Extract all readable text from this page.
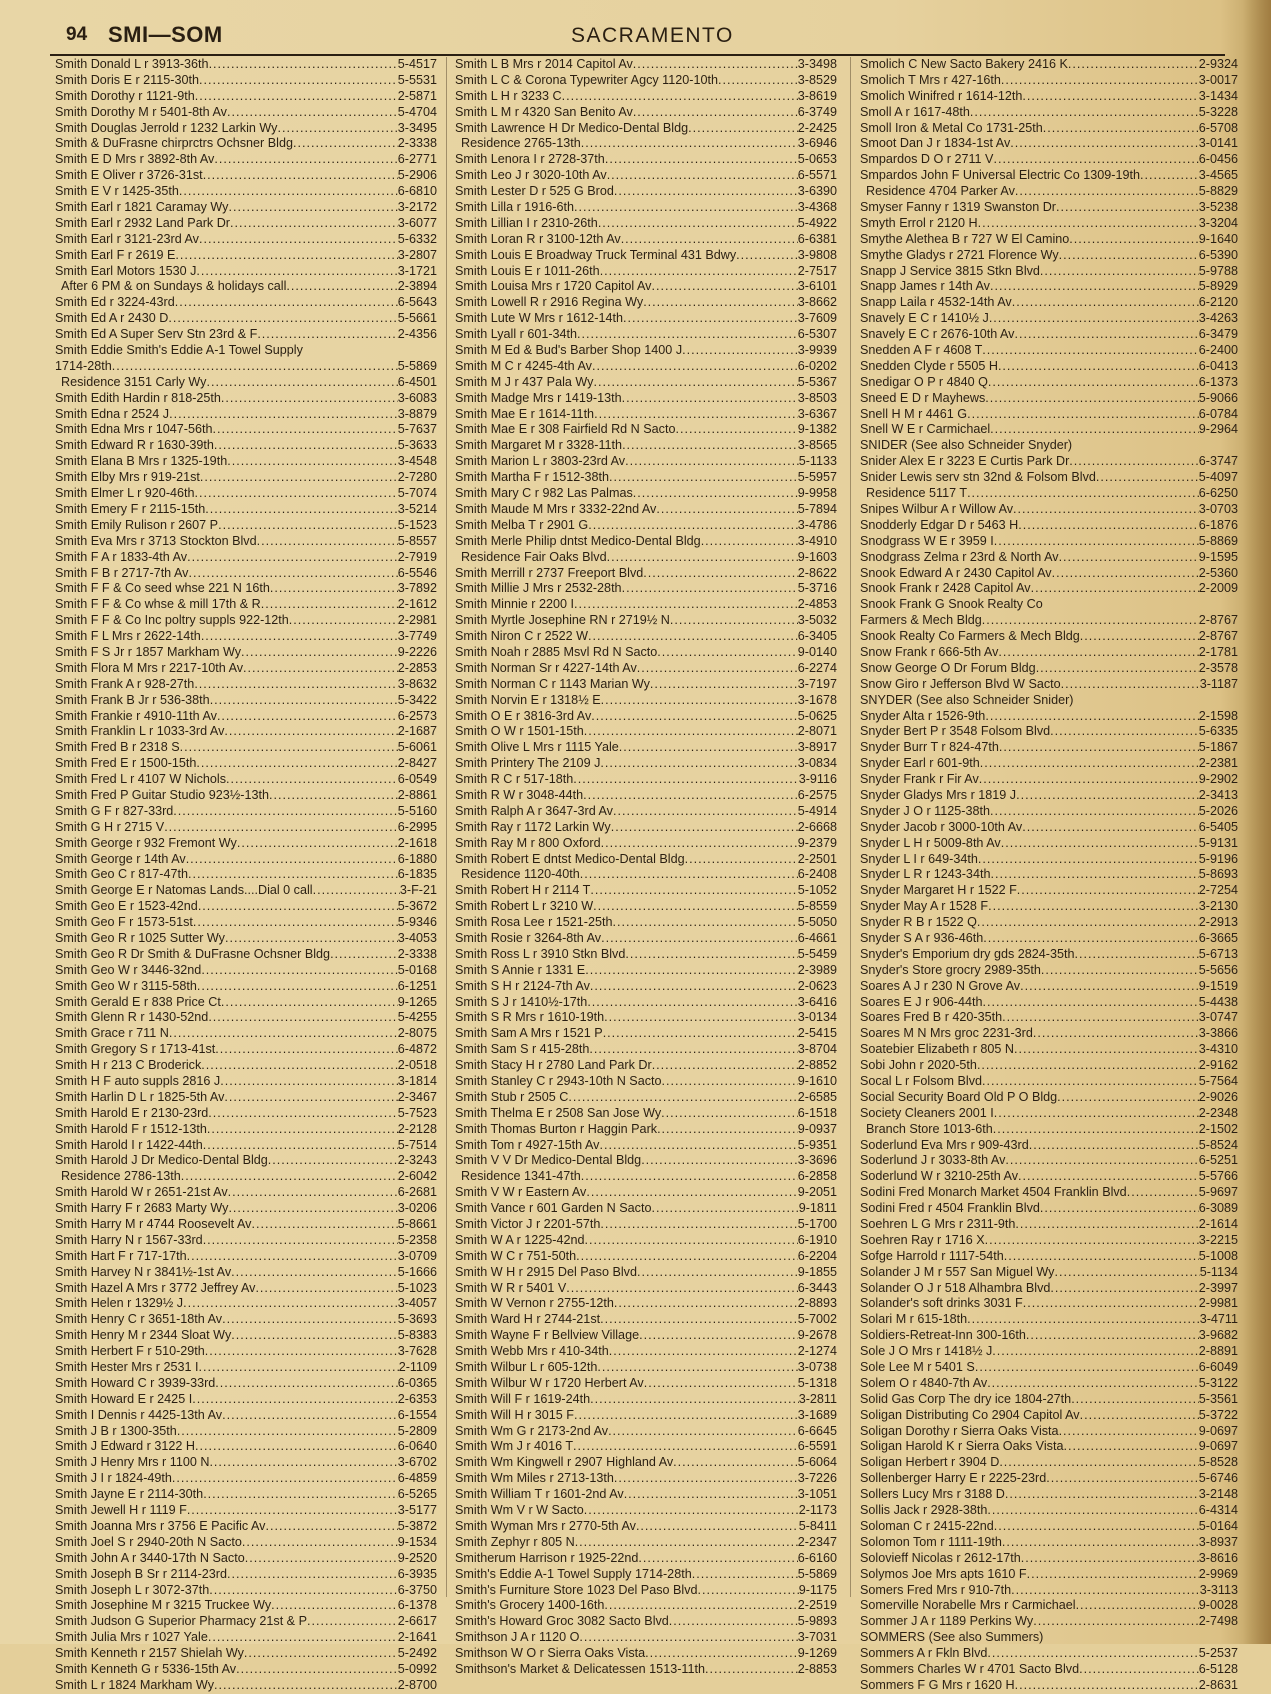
94 SMI—SOM	SACRAMENTO
Smith Donald L r 3913-36th .....	5-4517
Smith Doris E r 2115-30th .....	5-5531
Smith Dorothy r 1121-9th .....	2-5871
Smith Dorothy M r 5401-8th Av .....	5-4704
Smith Douglas Jerrold r 1232 Larkin Wy .....	3-3495
Smith & DuFrasne chirprctrs Ochsner Bldg .....	2-3338
Smith E D Mrs r 3892-8th Av .....	6-2771
Smith E Oliver r 3726-31st .....	5-2906
Smith E V r 1425-35th .....	6-6810
Smith Earl r 1821 Caramay Wy .....	3-2172
Smith Earl r 2932 Land Park Dr .....	3-6077
Smith Earl r 3121-23rd Av .....	5-6332
Smith Earl F r 2619 E .....	3-2807
Smith Earl Motors 1530 J .....	3-1721
After 6 PM & on Sundays & holidays call .....	2-3894
Smith Ed r 3224-43rd .....	6-5643
Smith Ed A r 2430 D .....	5-5661
Smith Ed A Super Serv Stn 23rd & F .....	2-4356
Smith Eddie Smith's Eddie A-1 Towel Supply
1714-28th .....	5-5869
Residence 3151 Carly Wy .....	6-4501
Smith Edith Hardin r 818-25th .....	3-6083
Smith Edna r 2524 J .....	3-8879
Smith Edna Mrs r 1047-56th .....	5-7637
Smith Edward R r 1630-39th .....	5-3633
Smith Elana B Mrs r 1325-19th .....	3-4548
Smith Elby Mrs r 919-21st .....	2-7280
Smith Elmer L r 920-46th .....	5-7074
Smith Emery F r 2115-15th .....	3-5214
Smith Emily Rulison r 2607 P .....	5-1523
Smith Eva Mrs r 3713 Stockton Blvd .....	5-8557
Smith F A r 1833-4th Av .....	2-7919
Smith F B r 2717-7th Av .....	6-5546
Smith F F & Co seed whse 221 N 16th .....	3-7892
Smith F F & Co whse & mill 17th & R .....	2-1612
Smith F F & Co Inc poltry suppls 922-12th .....	2-2981
Smith F L Mrs r 2622-14th .....	3-7749
Smith F S Jr r 1857 Markham Wy .....	9-2226
Smith Flora M Mrs r 2217-10th Av .....	2-2853
Smith Frank A r 928-27th .....	3-8632
Smith Frank B Jr r 536-38th .....	5-3422
Smith Frankie r 4910-11th Av .....	6-2573
Smith Franklin L r 1033-3rd Av .....	2-1687
Smith Fred B r 2318 S .....	5-6061
Smith Fred E r 1500-15th .....	2-8427
Smith Fred L r 4107 W Nichols .....	6-0549
Smith Fred P Guitar Studio 923½-13th .....	2-8861
Smith G F r 827-33rd .....	5-5160
Smith G H r 2715 V .....	6-2995
Smith George r 932 Fremont Wy .....	2-1618
Smith George r 14th Av .....	6-1880
Smith Geo C r 817-47th .....	6-1835
Smith George E r Natomas Lands....Dial 0 call .....	3-F-21
Smith Geo E r 1523-42nd .....	5-3672
Smith Geo F r 1573-51st .....	5-9346
Smith Geo R r 1025 Sutter Wy .....	3-4053
Smith Geo R Dr Smith & DuFrasne Ochsner Bldg .....	2-3338
Smith Geo W r 3446-32nd .....	5-0168
Smith Geo W r 3115-58th .....	6-1251
Smith Gerald E r 838 Price Ct .....	9-1265
Smith Glenn R r 1430-52nd .....	5-4255
Smith Grace r 711 N .....	2-8075
Smith Gregory S r 1713-41st .....	6-4872
Smith H r 213 C Broderick .....	2-0518
Smith H F auto suppls 2816 J .....	3-1814
Smith Harlin D L r 1825-5th Av .....	2-3467
Smith Harold E r 2130-23rd .....	5-7523
Smith Harold F r 1512-13th .....	2-2128
Smith Harold I r 1422-44th .....	5-7514
Smith Harold J Dr Medico-Dental Bldg .....	2-3243
Residence 2786-13th .....	2-6042
Smith Harold W r 2651-21st Av .....	6-2681
Smith Harry F r 2683 Marty Wy .....	3-0206
Smith Harry M r 4744 Roosevelt Av .....	5-8661
Smith Harry N r 1567-33rd .....	5-2358
Smith Hart F r 717-17th .....	3-0709
Smith Harvey N r 3841½-1st Av .....	5-1666
Smith Hazel A Mrs r 3772 Jeffrey Av .....	5-1023
Smith Helen r 1329½ J .....	3-4057
Smith Henry C r 3651-18th Av .....	5-3693
Smith Henry M r 2344 Sloat Wy .....	5-8383
Smith Herbert F r 510-29th .....	3-7628
Smith Hester Mrs r 2531 I .....	2-1109
Smith Howard C r 3939-33rd .....	6-0365
Smith Howard E r 2425 I .....	2-6353
Smith I Dennis r 4425-13th Av .....	6-1554
Smith J B r 1300-35th .....	5-2809
Smith J Edward r 3122 H .....	6-0640
Smith J Henry Mrs r 1100 N .....	3-6702
Smith J I r 1824-49th .....	6-4859
Smith Jayne E r 2114-30th .....	6-5265
Smith Jewell H r 1119 F .....	3-5177
Smith Joanna Mrs r 3756 E Pacific Av .....	5-3872
Smith Joel S r 2940-20th N Sacto .....	9-1534
Smith John A r 3440-17th N Sacto .....	9-2520
Smith Joseph B Sr r 2114-23rd .....	6-3935
Smith Joseph L r 3072-37th .....	6-3750
Smith Josephine M r 3215 Truckee Wy .....	6-1378
Smith Judson G Superior Pharmacy 21st & P .....	2-6617
Smith Julia Mrs r 1027 Yale .....	2-1641
Smith Kenneth r 2157 Shielah Wy .....	5-2492
Smith Kenneth G r 5336-15th Av .....	5-0992
Smith L r 1824 Markham Wy .....	2-8700
Smith L B Mrs r 2014 Capitol Av .....	3-3498
Smith L C & Corona Typewriter Agcy 1120-10th .....	3-8529
Smith L H r 3233 C .....	3-8619
Smith L M r 4320 San Benito Av .....	6-3749
Smith Lawrence H Dr Medico-Dental Bldg .....	2-2425
Residence 2765-13th .....	3-6946
Smith Lenora I r 2728-37th .....	5-0653
Smith Leo J r 3020-10th Av .....	6-5571
Smith Lester D r 525 G Brod .....	3-6390
Smith Lilla r 1916-6th .....	3-4368
Smith Lillian I r 2310-26th .....	5-4922
Smith Loran R r 3100-12th Av .....	6-6381
Smith Louis E Broadway Truck Terminal 431 Bdwy .....	3-9808
Smith Louis E r 1011-26th .....	2-7517
Smith Louisa Mrs r 1720 Capitol Av .....	3-6101
Smith Lowell R r 2916 Regina Wy .....	3-8662
Smith Lute W Mrs r 1612-14th .....	3-7609
Smith Lyall r 601-34th .....	6-5307
Smith M Ed & Bud's Barber Shop 1400 J .....	3-9939
Smith M C r 4245-4th Av .....	6-0202
Smith M J r 437 Pala Wy .....	5-5367
Smith Madge Mrs r 1419-13th .....	3-8503
Smith Mae E r 1614-11th .....	3-6367
Smith Mae E r 308 Fairfield Rd N Sacto .....	9-1382
Smith Margaret M r 3328-11th .....	3-8565
Smith Marion L r 3803-23rd Av .....	5-1133
Smith Martha F r 1512-38th .....	5-5957
Smith Mary C r 982 Las Palmas .....	9-9958
Smith Maude M Mrs r 3332-22nd Av .....	5-7894
Smith Melba T r 2901 G .....	3-4786
Smith Merle Philip dntst Medico-Dental Bldg .....	3-4910
Residence Fair Oaks Blvd .....	9-1603
Smith Merrill r 2737 Freeport Blvd .....	2-8622
Smith Millie J Mrs r 2532-28th .....	5-3716
Smith Minnie r 2200 I .....	2-4853
Smith Myrtle Josephine RN r 2719½ N .....	3-5032
Smith Niron C r 2522 W .....	6-3405
Smith Noah r 2885 Msvl Rd N Sacto .....	9-0140
Smith Norman Sr r 4227-14th Av .....	6-2274
Smith Norman C r 1143 Marian Wy .....	3-7197
Smith Norvin E r 1318½ E .....	3-1678
Smith O E r 3816-3rd Av .....	5-0625
Smith O W r 1501-15th .....	2-8071
Smith Olive L Mrs r 1115 Yale .....	3-8917
Smith Printery The 2109 J .....	3-0834
Smith R C r 517-18th .....	3-9116
Smith R W r 3048-44th .....	6-2575
Smith Ralph A r 3647-3rd Av .....	5-4914
Smith Ray r 1172 Larkin Wy .....	2-6668
Smith Ray M r 800 Oxford .....	9-2379
Smith Robert E dntst Medico-Dental Bldg .....	2-2501
Residence 1120-40th .....	6-2408
Smith Robert H r 2114 T .....	5-1052
Smith Robert L r 3210 W .....	5-8559
Smith Rosa Lee r 1521-25th .....	5-5050
Smith Rosie r 3264-8th Av .....	6-4661
Smith Ross L r 3910 Stkn Blvd .....	5-5459
Smith S Annie r 1331 E .....	2-3989
Smith S H r 2124-7th Av .....	2-0623
Smith S J r 1410½-17th .....	3-6416
Smith S R Mrs r 1610-19th .....	3-0134
Smith Sam A Mrs r 1521 P .....	2-5415
Smith Sam S r 415-28th .....	3-8704
Smith Stacy H r 2780 Land Park Dr .....	2-8852
Smith Stanley C r 2943-10th N Sacto .....	9-1610
Smith Stub r 2505 C .....	2-6585
Smith Thelma E r 2508 San Jose Wy .....	6-1518
Smith Thomas Burton r Haggin Park .....	9-0937
Smith Tom r 4927-15th Av .....	5-9351
Smith V V Dr Medico-Dental Bldg .....	3-3696
Residence 1341-47th .....	6-2858
Smith V W r Eastern Av .....	9-2051
Smith Vance r 601 Garden N Sacto .....	9-1811
Smith Victor J r 2201-57th .....	5-1700
Smith W A r 1225-42nd .....	6-1910
Smith W C r 751-50th .....	6-2204
Smith W H r 2915 Del Paso Blvd .....	9-1855
Smith W R r 5401 V .....	6-3443
Smith W Vernon r 2755-12th .....	2-8893
Smith Ward H r 2744-21st .....	5-7002
Smith Wayne F r Bellview Village .....	9-2678
Smith Webb Mrs r 410-34th .....	2-1274
Smith Wilbur L r 605-12th .....	3-0738
Smith Wilbur W r 1720 Herbert Av .....	5-1318
Smith Will F r 1619-24th .....	3-2811
Smith Will H r 3015 F .....	3-1689
Smith Wm G r 2173-2nd Av .....	6-6645
Smith Wm J r 4016 T .....	6-5591
Smith Wm Kingwell r 2907 Highland Av .....	5-6064
Smith Wm Miles r 2713-13th .....	3-7226
Smith William T r 1601-2nd Av .....	3-1051
Smith Wm V r W Sacto .....	2-1173
Smith Wyman Mrs r 2770-5th Av .....	5-8411
Smith Zephyr r 805 N .....	2-2347
Smitherum Harrison r 1925-22nd .....	6-6160
Smith's Eddie A-1 Towel Supply 1714-28th .....	5-5869
Smith's Furniture Store 1023 Del Paso Blvd .....	9-1175
Smith's Grocery 1400-16th .....	2-2519
Smith's Howard Groc 3082 Sacto Blvd .....	5-9893
Smithson J A r 1120 O .....	3-7031
Smithson W O r Sierra Oaks Vista .....	9-1269
Smithson's Market & Delicatessen 1513-11th .....	2-8853
Smolich C New Sacto Bakery 2416 K .....	2-9324
Smolich T Mrs r 427-16th .....	3-0017
Smolich Winifred r 1614-12th .....	3-1434
Smoll A r 1617-48th .....	5-3228
Smoll Iron & Metal Co 1731-25th .....	6-5708
Smoot Dan J r 1834-1st Av .....	3-0141
Smpardos D O r 2711 V .....	6-0456
Smpardos John F Universal Electric Co 1309-19th .....	3-4565
Residence 4704 Parker Av .....	5-8829
Smyser Fanny r 1319 Swanston Dr .....	3-5238
Smyth Errol r 2120 H .....	3-3204
Smythe Alethea B r 727 W El Camino .....	9-1640
Smythe Gladys r 2721 Florence Wy .....	6-5390
Snapp J Service 3815 Stkn Blvd .....	5-9788
Snapp James r 14th Av .....	5-8929
Snapp Laila r 4532-14th Av .....	6-2120
Snavely E C r 1410½ J .....	3-4263
Snavely E C r 2676-10th Av .....	6-3479
Snedden A F r 4608 T .....	6-2400
Snedden Clyde r 5505 H .....	6-0413
Snedigar O P r 4840 Q .....	6-1373
Sneed E D r Mayhews .....	5-9066
Snell H M r 4461 G .....	6-0784
Snell W E r Carmichael .....	9-2964
SNIDER (See also Schneider Snyder)
Snider Alex E r 3223 E Curtis Park Dr .....	6-3747
Snider Lewis serv stn 32nd & Folsom Blvd .....	5-4097
Residence 5117 T .....	6-6250
Snipes Wilbur A r Willow Av .....	3-0703
Snodderly Edgar D r 5463 H .....	6-1876
Snodgrass W E r 3959 I .....	5-8869
Snodgrass Zelma r 23rd & North Av .....	9-1595
Snook Edward A r 2430 Capitol Av .....	2-5360
Snook Frank r 2428 Capitol Av .....	2-2009
Snook Frank G Snook Realty Co
Farmers & Mech Bldg .....	2-8767
Snook Realty Co Farmers & Mech Bldg .....	2-8767
Snow Frank r 666-5th Av .....	2-1781
Snow George O Dr Forum Bldg .....	2-3578
Snow Giro r Jefferson Blvd W Sacto .....	3-1187
SNYDER (See also Schneider Snider)
Snyder Alta r 1526-9th .....	2-1598
Snyder Bert P r 3548 Folsom Blvd .....	5-6335
Snyder Burr T r 824-47th .....	5-1867
Snyder Earl r 601-9th .....	2-2381
Snyder Frank r Fir Av .....	9-2902
Snyder Gladys Mrs r 1819 J .....	2-3413
Snyder J O r 1125-38th .....	5-2026
Snyder Jacob r 3000-10th Av .....	6-5405
Snyder L H r 5009-8th Av .....	5-9131
Snyder L I r 649-34th .....	5-9196
Snyder L R r 1243-34th .....	5-8693
Snyder Margaret H r 1522 F .....	2-7254
Snyder May A r 1528 F .....	3-2130
Snyder R B r 1522 Q .....	2-2913
Snyder S A r 936-46th .....	6-3665
Snyder's Emporium dry gds 2824-35th .....	5-6713
Snyder's Store grocry 2989-35th .....	5-5656
Soares A J r 230 N Grove Av .....	9-1519
Soares E J r 906-44th .....	5-4438
Soares Fred B r 420-35th .....	3-0747
Soares M N Mrs groc 2231-3rd .....	3-3866
Soatebier Elizabeth r 805 N .....	3-4310
Sobi John r 2020-5th .....	2-9162
Socal L r Folsom Blvd .....	5-7564
Social Security Board Old P O Bldg .....	2-9026
Society Cleaners 2001 I .....	2-2348
Branch Store 1013-6th .....	2-1502
Soderlund Eva Mrs r 909-43rd .....	5-8524
Soderlund J r 3033-8th Av .....	6-5251
Soderlund W r 3210-25th Av .....	5-5766
Sodini Fred Monarch Market 4504 Franklin Blvd .....	5-9697
Sodini Fred r 4504 Franklin Blvd .....	6-3089
Soehren L G Mrs r 2311-9th .....	2-1614
Soehren Ray r 1716 X .....	3-2215
Sofge Harrold r 1117-54th .....	5-1008
Solander J M r 557 San Miguel Wy .....	5-1134
Solander O J r 518 Alhambra Blvd .....	2-3997
Solander's soft drinks 3031 F .....	2-9981
Solari M r 615-18th .....	3-4711
Soldiers-Retreat-Inn 300-16th .....	3-9682
Sole J O Mrs r 1418½ J .....	2-8891
Sole Lee M r 5401 S .....	6-6049
Solem O r 4840-7th Av .....	5-3122
Solid Gas Corp The dry ice 1804-27th .....	5-3561
Soligan Distributing Co 2904 Capitol Av .....	5-3722
Soligan Dorothy r Sierra Oaks Vista .....	9-0697
Soligan Harold K r Sierra Oaks Vista .....	9-0697
Soligan Herbert r 3904 D .....	5-8528
Sollenberger Harry E r 2225-23rd .....	5-6746
Sollers Lucy Mrs r 3188 D .....	3-2148
Sollis Jack r 2928-38th .....	6-4314
Soloman C r 2415-22nd .....	5-0164
Solomon Tom r 1111-19th .....	3-8937
Solovieff Nicolas r 2612-17th .....	3-8616
Solymos Joe Mrs apts 1610 F .....	2-9969
Somers Fred Mrs r 910-7th .....	3-3113
Somerville Norabelle Mrs r Carmichael .....	9-0028
Sommer J A r 1189 Perkins Wy .....	2-7498
SOMMERS (See also Summers)
Sommers A r Fkln Blvd .....	5-2537
Sommers Charles W r 4701 Sacto Blvd .....	6-5128
Sommers F G Mrs r 1620 H .....	2-8631
